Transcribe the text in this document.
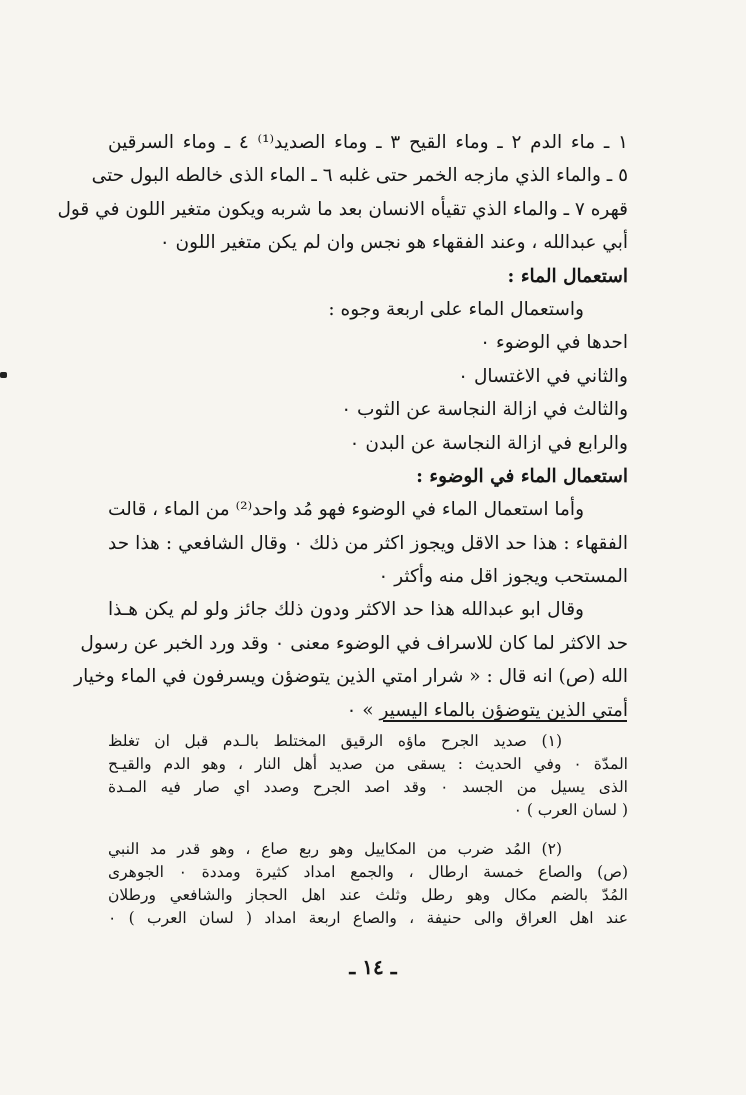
١ ـ ماء الدم ٢ ـ وماء القيح ٣ ـ وماء الصديد⁽¹⁾ ٤ ـ وماء السرقين
٥ ـ والماء الذي مازجه الخمر حتى غلبه ٦ ـ الماء الذى خالطه البول حتى
قهره ٧ ـ والماء الذي تقيأه الانسان بعد ما شربه ويكون متغير اللون في قول
أبي عبدالله ، وعند الفقهاء هو نجس وان لم يكن متغير اللون ٠
استعمال الماء :
واستعمال الماء على اربعة وجوه :
احدها في الوضوء ٠
والثاني في الاغتسال ٠
والثالث في ازالة النجاسة عن الثوب ٠
والرابع في ازالة النجاسة عن البدن ٠
استعمال الماء في الوضوء :
وأما استعمال الماء في الوضوء فهو مُد واحد⁽²⁾ من الماء ، قالت
الفقهاء : هذا حد الاقل ويجوز اكثر من ذلك ٠ وقال الشافعي : هذا حد
المستحب ويجوز اقل منه وأكثر ٠
وقال ابو عبدالله هذا حد الاكثر ودون ذلك جائز ولو لم يكن هـذا
حد الاكثر لما كان للاسراف في الوضوء معنى ٠ وقد ورد الخبر عن رسول
الله (ص) انه قال : « شرار امتي الذين يتوضؤن ويسرفون في الماء وخيار
أمتي الذين يتوضؤن بالماء اليسير » ٠
(١) صديد الجرح ماؤه الرقيق المختلط بالـدم قبل ان تغلظ
المدّة ٠ وفي الحديث : يسقى من صديد أهل النار ، وهو الدم والقيـح
الذى يسيل من الجسد ٠ وقد اصد الجرح وصدد اي صار فيه المـدة
( لسان العرب ) ٠
(٢) المُد ضرب من المكاييل وهو ربع صاع ، وهو قدر مد النبي
(ص) والصاع خمسة ارطال ، والجمع امداد كثيرة ومددة ٠ الجوهرى
المُدّ بالضم مكال وهو رطل وثلث عند اهل الحجاز والشافعي ورطلان
عند اهل العراق والى حنيفة ، والصاع اربعة امداد ( لسان العرب ) ٠
ـ ١٤ ـ
